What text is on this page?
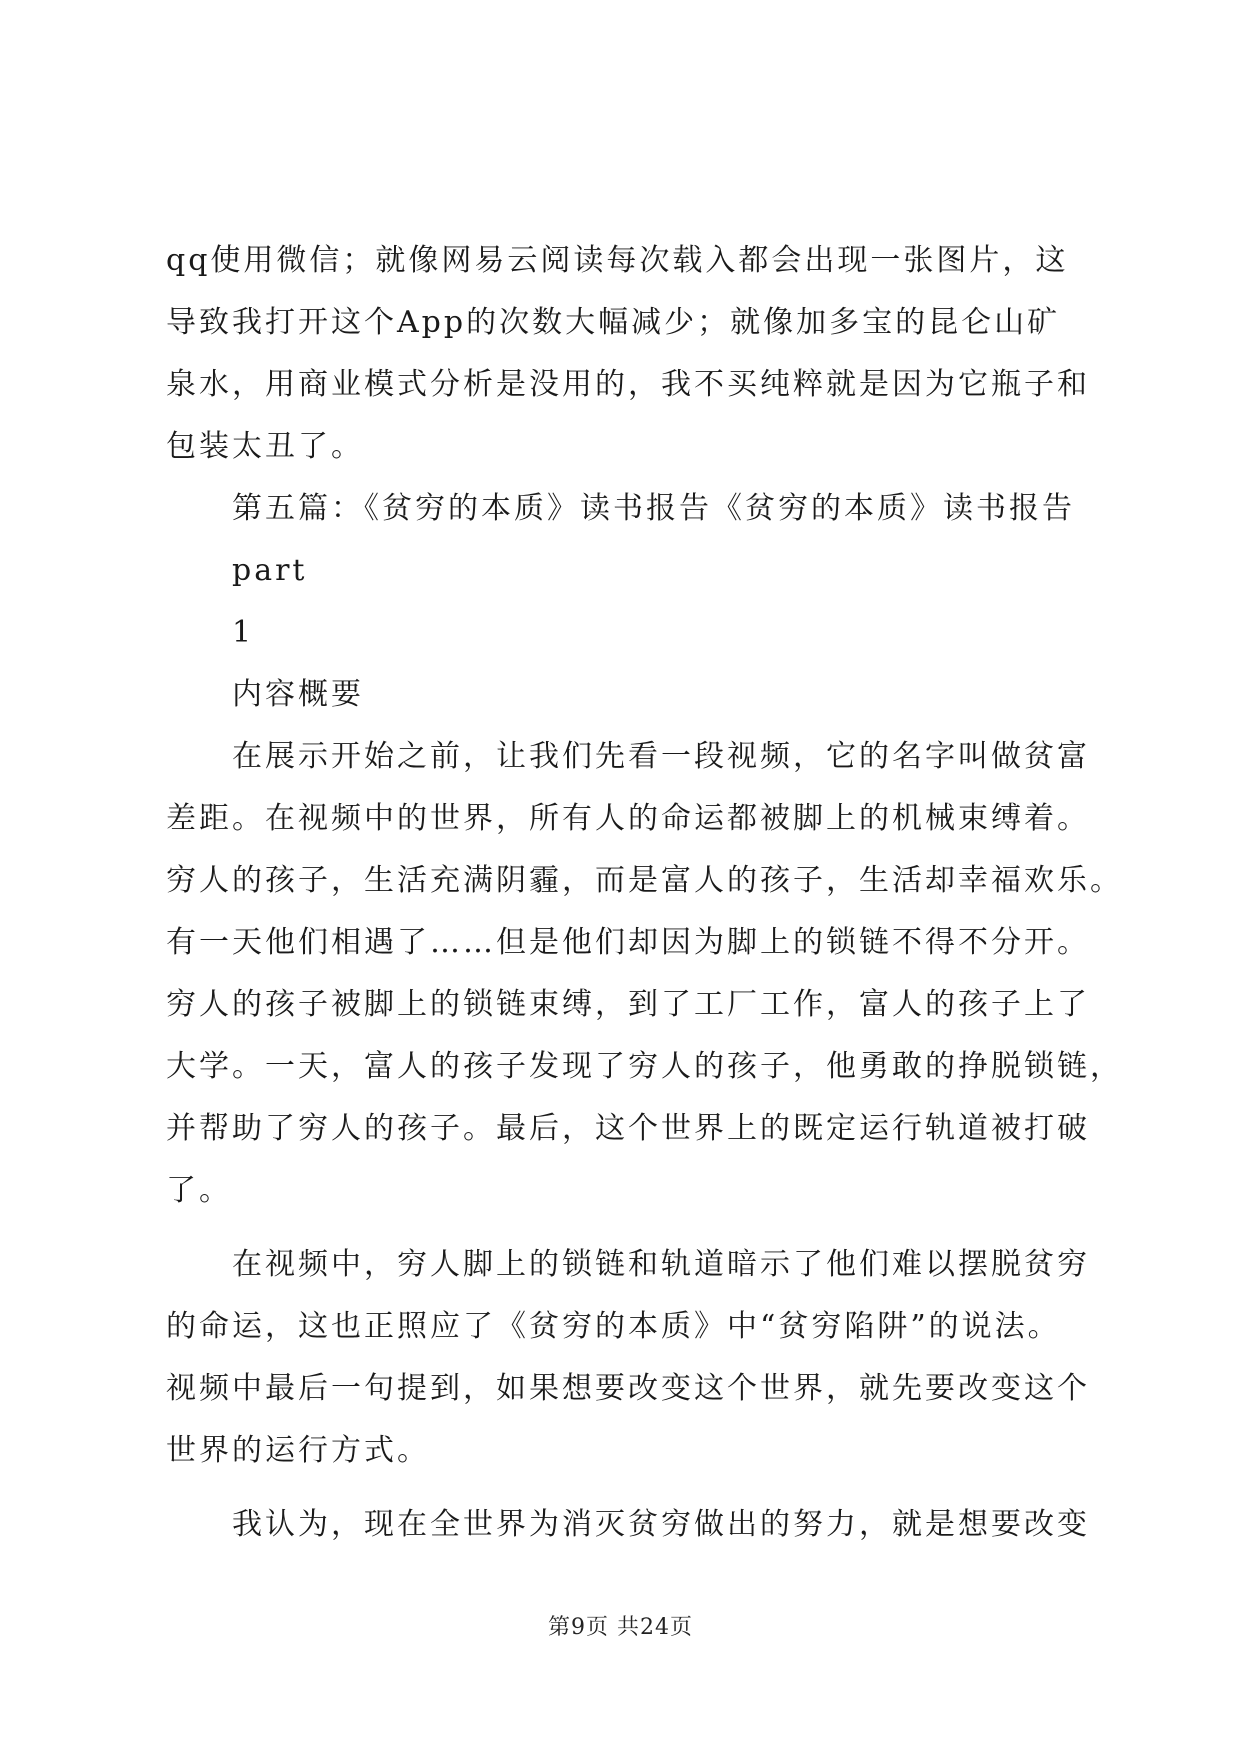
qq使用微信；就像网易云阅读每次载入都会出现一张图片，这
导致我打开这个App的次数大幅减少；就像加多宝的昆仑山矿
泉水，用商业模式分析是没用的，我不买纯粹就是因为它瓶子和
包装太丑了。
第五篇：《贫穷的本质》读书报告《贫穷的本质》读书报告
part
1
内容概要
在展示开始之前，让我们先看一段视频，它的名字叫做贫富
差距。在视频中的世界，所有人的命运都被脚上的机械束缚着。
穷人的孩子，生活充满阴霾，而是富人的孩子，生活却幸福欢乐。
有一天他们相遇了……但是他们却因为脚上的锁链不得不分开。
穷人的孩子被脚上的锁链束缚，到了工厂工作，富人的孩子上了
大学。一天，富人的孩子发现了穷人的孩子，他勇敢的挣脱锁链，
并帮助了穷人的孩子。最后，这个世界上的既定运行轨道被打破
了。
在视频中，穷人脚上的锁链和轨道暗示了他们难以摆脱贫穷
的命运，这也正照应了《贫穷的本质》中“贫穷陷阱”的说法。
视频中最后一句提到，如果想要改变这个世界，就先要改变这个
世界的运行方式。
我认为，现在全世界为消灭贫穷做出的努力，就是想要改变
第9页 共24页
